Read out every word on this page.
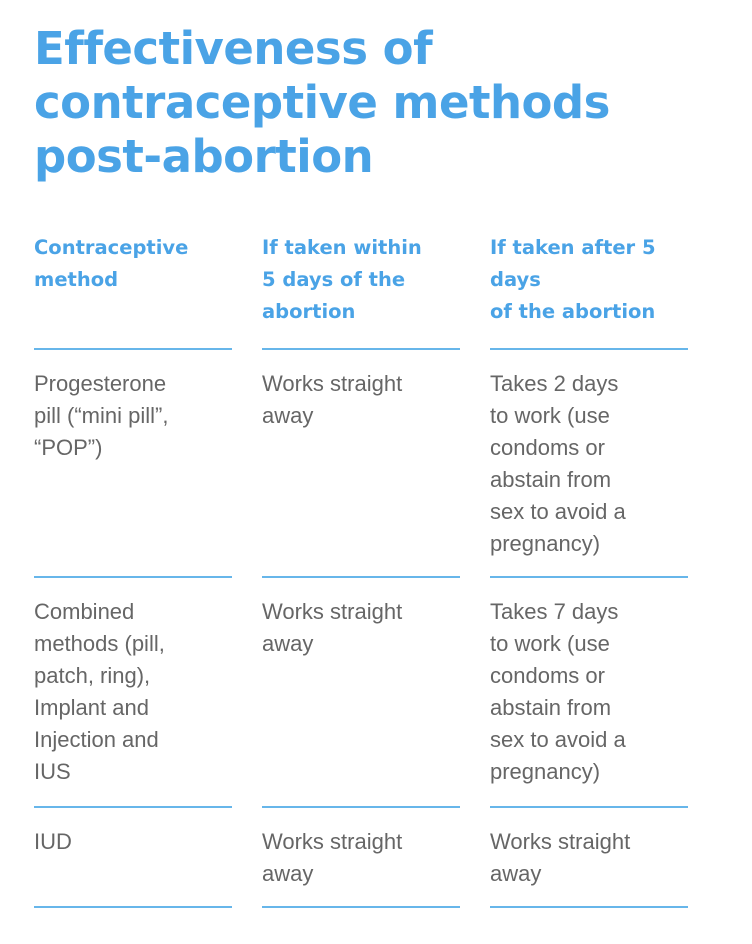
Effectiveness of
contraceptive methods
post-abortion
Contraceptive
method
If taken within
5 days of the
abortion
If taken after 5
days
of the abortion
Progesterone
pill (“mini pill”,
“POP”)
Works straight
away
Takes 2 days
to work (use
condoms or
abstain from
sex to avoid a
pregnancy)
Combined
methods (pill,
patch, ring),
Implant and
Injection and
IUS
Works straight
away
Takes 7 days
to work (use
condoms or
abstain from
sex to avoid a
pregnancy)
IUD	Works straight
away
Works straight
away
